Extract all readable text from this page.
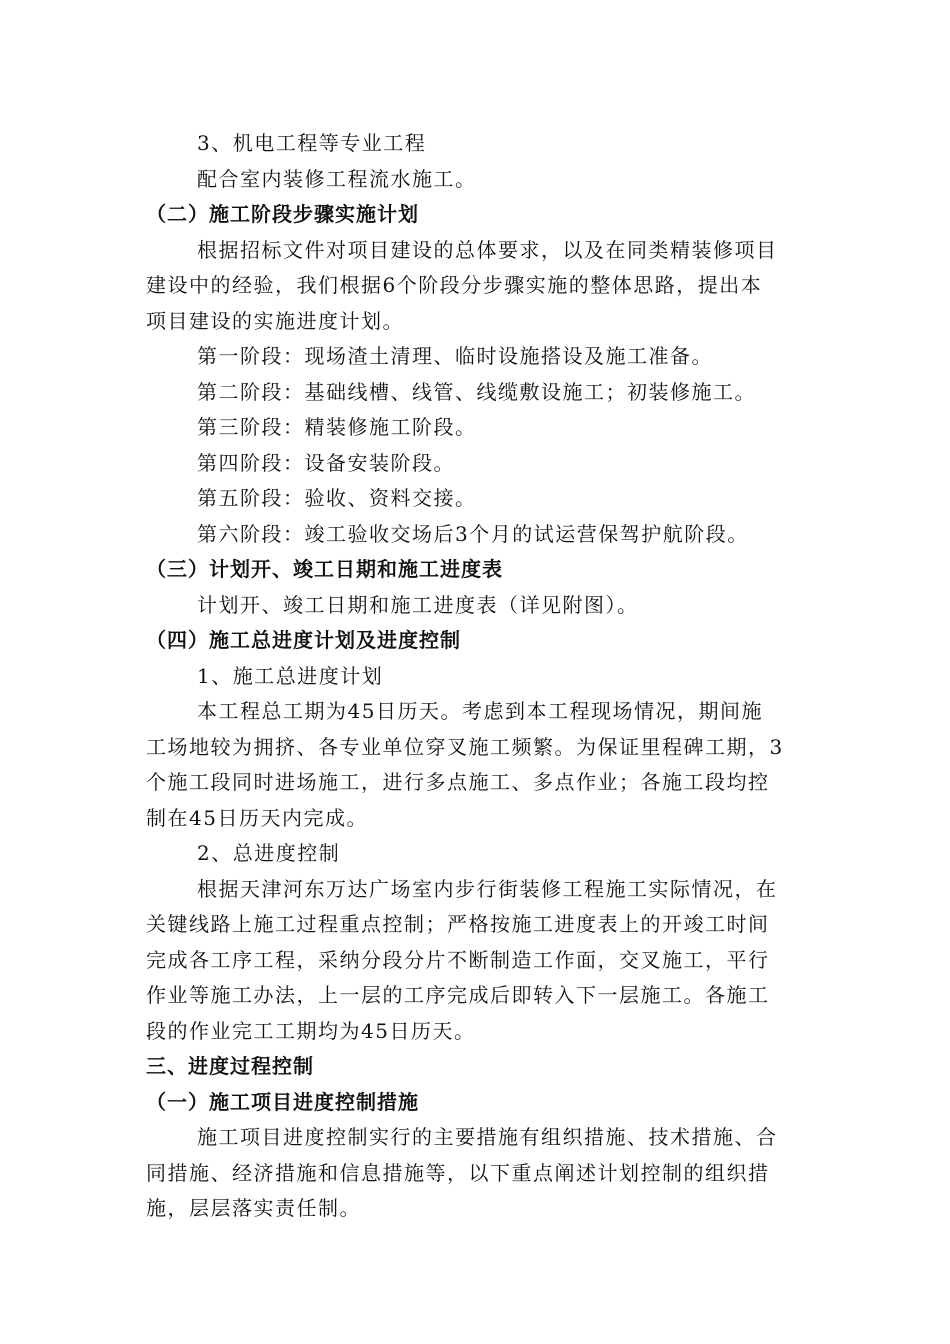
3、机电工程等专业工程
配合室内装修工程流水施工。
（二）施工阶段步骤实施计划
根据招标文件对项目建设的总体要求，以及在同类精装修项目
建设中的经验，我们根据6个阶段分步骤实施的整体思路，提出本
项目建设的实施进度计划。
第一阶段：现场渣土清理、临时设施搭设及施工准备。
第二阶段：基础线槽、线管、线缆敷设施工；初装修施工。
第三阶段：精装修施工阶段。
第四阶段：设备安装阶段。
第五阶段：验收、资料交接。
第六阶段：竣工验收交场后3个月的试运营保驾护航阶段。
（三）计划开、竣工日期和施工进度表
计划开、竣工日期和施工进度表（详见附图）。
（四）施工总进度计划及进度控制
1、施工总进度计划
本工程总工期为45日历天。考虑到本工程现场情况，期间施
工场地较为拥挤、各专业单位穿叉施工频繁。为保证里程碑工期，3
个施工段同时进场施工，进行多点施工、多点作业；各施工段均控
制在45日历天内完成。
2、总进度控制
根据天津河东万达广场室内步行街装修工程施工实际情况，在
关键线路上施工过程重点控制；严格按施工进度表上的开竣工时间
完成各工序工程，采纳分段分片不断制造工作面，交叉施工，平行
作业等施工办法，上一层的工序完成后即转入下一层施工。各施工
段的作业完工工期均为45日历天。
三、进度过程控制
（一）施工项目进度控制措施
施工项目进度控制实行的主要措施有组织措施、技术措施、合
同措施、经济措施和信息措施等，以下重点阐述计划控制的组织措
施，层层落实责任制。
